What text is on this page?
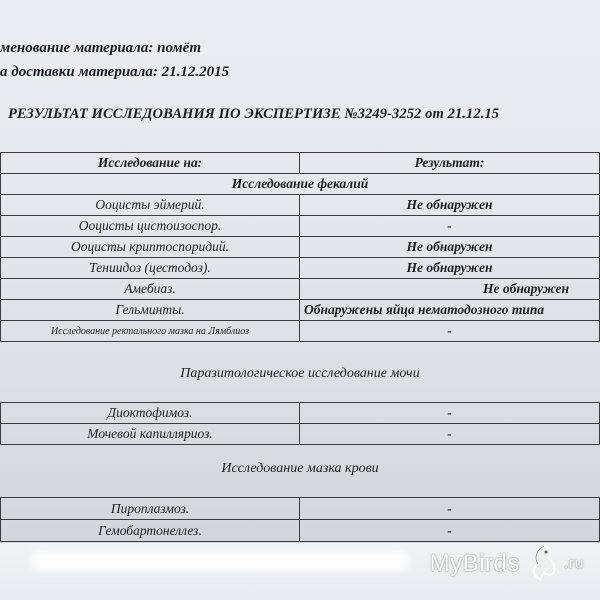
менование материала: помёт
а доставки материала: 21.12.2015
РЕЗУЛЬТАТ ИССЛЕДОВАНИЯ ПО ЭКСПЕРТИЗЕ №3249-3252 от 21.12.15
Исследование на:	Результат:
Исследование фекалий
Ооцисты эймерий.	Не обнаружен
Ооцисты цистоизоспор.	-
Ооцисты криптоспоридий.	Не обнаружен
Тениидоз (цестодоз).	Не обнаружен
Амебиаз.	Не обнаружен
Гельминты.	Обнаружены яйца нематодозного типа
Исследование ректального мазка на Лямблиоз	-
Паразитологическое исследование мочи
Диоктофимоз.	-
Мочевой капилляриоз.	-
Исследование мазка крови
Пироплазмоз.	-
Гемобартонеллез.	-
MyBirds	.ru
